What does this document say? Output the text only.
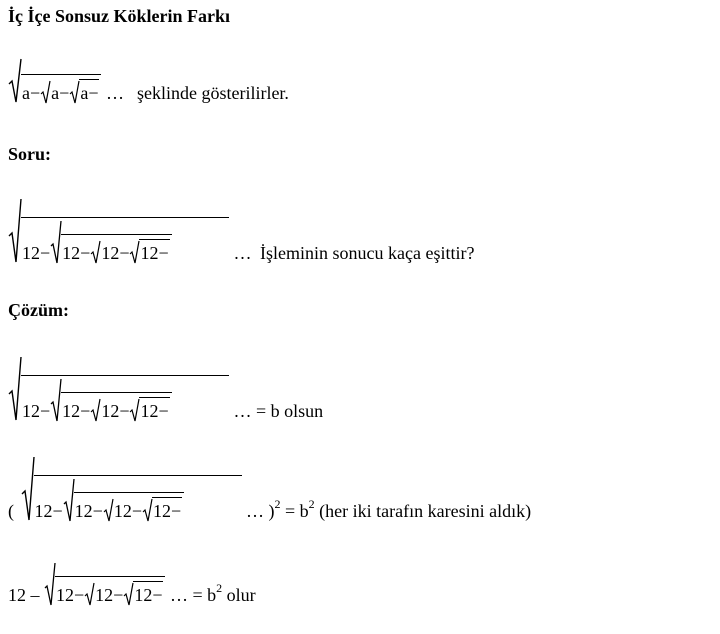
İç İçe Sonsuz Köklerin Farkı
a − a − a − … şeklinde gösterilirler.
Soru:
12 − 12 − 12 − 12 −	… İşleminin sonucu kaça eşittir?
Çözüm:
12 − 12 − 12 − 12 −	… = b olsun
( 12 − 12 − 12 − 12 −	… )$^2 = b^2$ (her iki tarafın karesini aldık)
12 – 12 − 12 − 12 − … = $b^2$ olur
